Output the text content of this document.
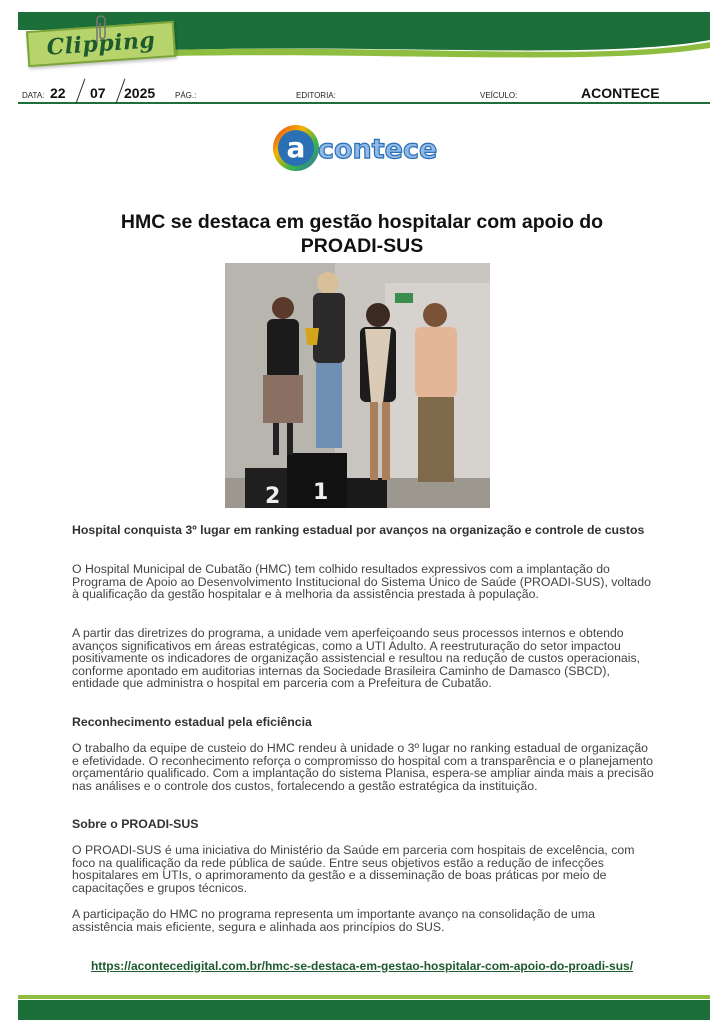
Clipping	ON-LINE • DEPARTAMENTO DE IMPRENSA • PMC
DATA: 22 07 2025 PÁG.:	EDITORIA:	VEÍCULO:	ACONTECE
a contece
HMC se destaca em gestão hospitalar com apoio do
PROADI-SUS
2 1
Hospital conquista 3º lugar em ranking estadual por avanços na organização e controle de custos
O Hospital Municipal de Cubatão (HMC) tem colhido resultados expressivos com a implantação do Programa de Apoio ao Desenvolvimento Institucional do Sistema Único de Saúde (PROADI-SUS), voltado à qualificação da gestão hospitalar e à melhoria da assistência prestada à população.
A partir das diretrizes do programa, a unidade vem aperfeiçoando seus processos internos e obtendo avanços significativos em áreas estratégicas, como a UTI Adulto. A reestruturação do setor impactou positivamente os indicadores de organização assistencial e resultou na redução de custos operacionais, conforme apontado em auditorias internas da Sociedade Brasileira Caminho de Damasco (SBCD), entidade que administra o hospital em parceria com a Prefeitura de Cubatão.
Reconhecimento estadual pela eficiência
O trabalho da equipe de custeio do HMC rendeu à unidade o 3º lugar no ranking estadual de organização e efetividade. O reconhecimento reforça o compromisso do hospital com a transparência e o planejamento orçamentário qualificado. Com a implantação do sistema Planisa, espera-se ampliar ainda mais a precisão nas análises e o controle dos custos, fortalecendo a gestão estratégica da instituição.
Sobre o PROADI-SUS
O PROADI-SUS é uma iniciativa do Ministério da Saúde em parceria com hospitais de excelência, com foco na qualificação da rede pública de saúde. Entre seus objetivos estão a redução de infecções hospitalares em UTIs, o aprimoramento da gestão e a disseminação de boas práticas por meio de capacitações e grupos técnicos.
A participação do HMC no programa representa um importante avanço na consolidação de uma assistência mais eficiente, segura e alinhada aos princípios do SUS.
https://acontecedigital.com.br/hmc-se-destaca-em-gestao-hospitalar-com-apoio-do-proadi-sus/
